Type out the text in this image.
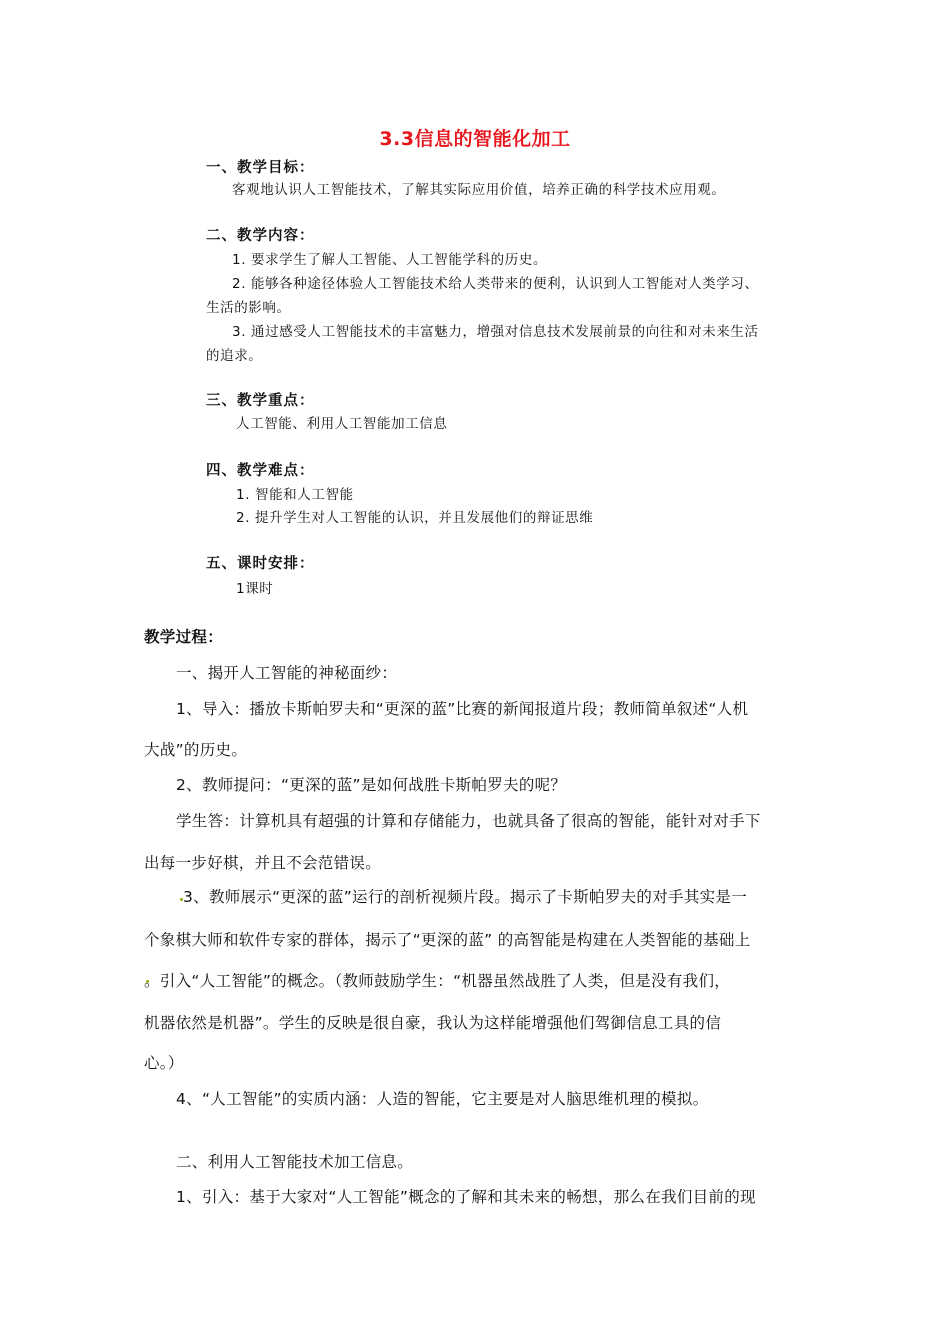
3.3信息的智能化加工
一、教学目标：
客观地认识人工智能技术，了解其实际应用价值，培养正确的科学技术应用观。
二、教学内容：
1. 要求学生了解人工智能、人工智能学科的历史。
2. 能够各种途径体验人工智能技术给人类带来的便利，认识到人工智能对人类学习、
生活的影响。
3. 通过感受人工智能技术的丰富魅力，增强对信息技术发展前景的向往和对未来生活
的追求。
三、教学重点：
人工智能、利用人工智能加工信息
四、教学难点：
1. 智能和人工智能
2. 提升学生对人工智能的认识，并且发展他们的辩证思维
五、课时安排：
1课时
教学过程：
一、揭开人工智能的神秘面纱：
1、导入：播放卡斯帕罗夫和“更深的蓝”比赛的新闻报道片段；教师简单叙述“人机
大战”的历史。
2、教师提问：“更深的蓝”是如何战胜卡斯帕罗夫的呢？
学生答：计算机具有超强的计算和存储能力，也就具备了很高的智能，能针对对手下
出每一步好棋，并且不会范错误。
3、教师展示“更深的蓝”运行的剖析视频片段。揭示了卡斯帕罗夫的对手其实是一
个象棋大师和软件专家的群体，揭示了“更深的蓝” 的高智能是构建在人类智能的基础上
。引入“人工智能”的概念。（教师鼓励学生：“机器虽然战胜了人类，但是没有我们，
机器依然是机器”。学生的反映是很自豪，我认为这样能增强他们驾御信息工具的信
心。）
4、“人工智能”的实质内涵：人造的智能，它主要是对人脑思维机理的模拟。
二、利用人工智能技术加工信息。
1、引入：基于大家对“人工智能”概念的了解和其未来的畅想，那么在我们目前的现
